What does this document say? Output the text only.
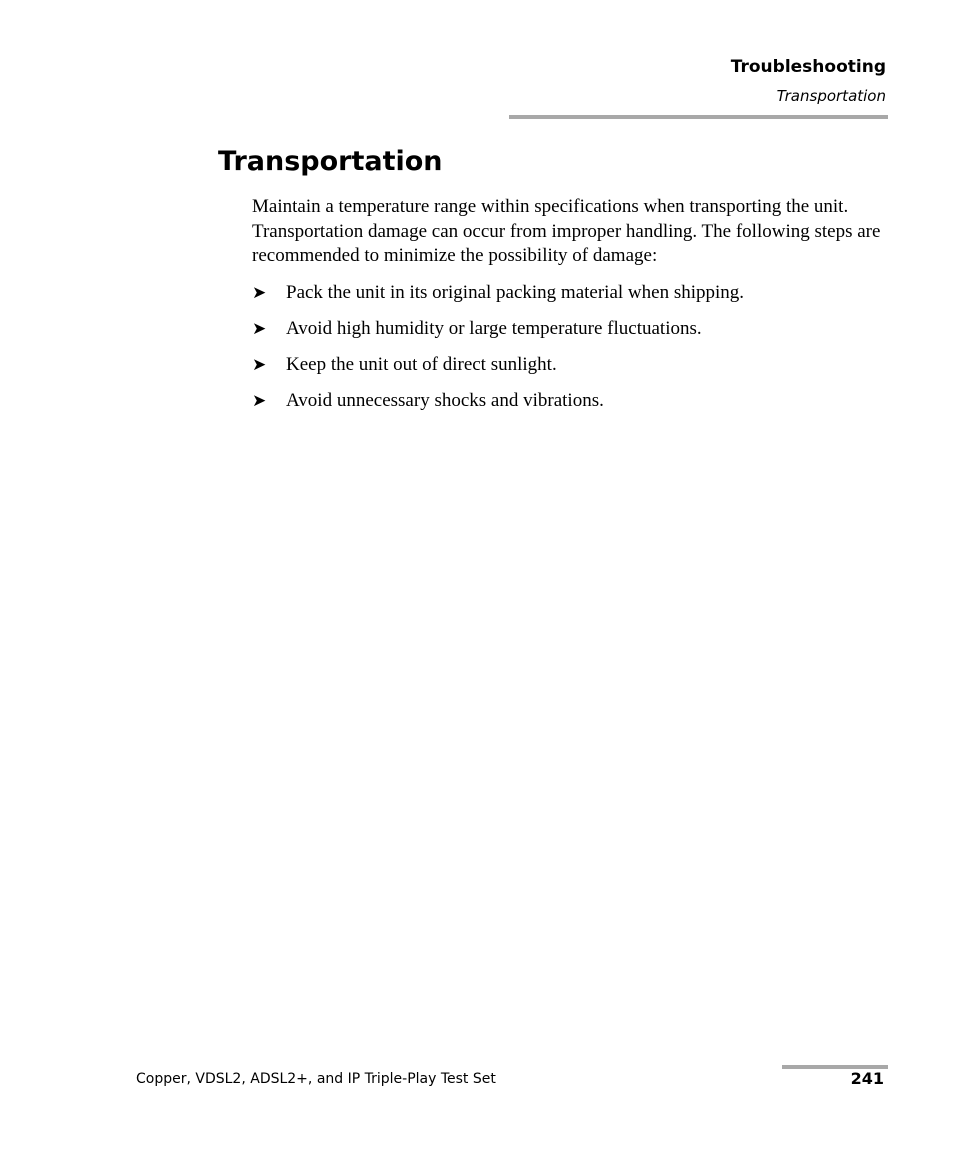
Troubleshooting
Transportation
Transportation

Maintain a temperature range within specifications when transporting the unit. Transportation damage can occur from improper handling. The following steps are recommended to minimize the possibility of damage:

➤	Pack the unit in its original packing material when shipping.
➤	Avoid high humidity or large temperature fluctuations.
➤	Keep the unit out of direct sunlight.
➤	Avoid unnecessary shocks and vibrations.
Copper, VDSL2, ADSL2+, and IP Triple-Play Test Set	241
